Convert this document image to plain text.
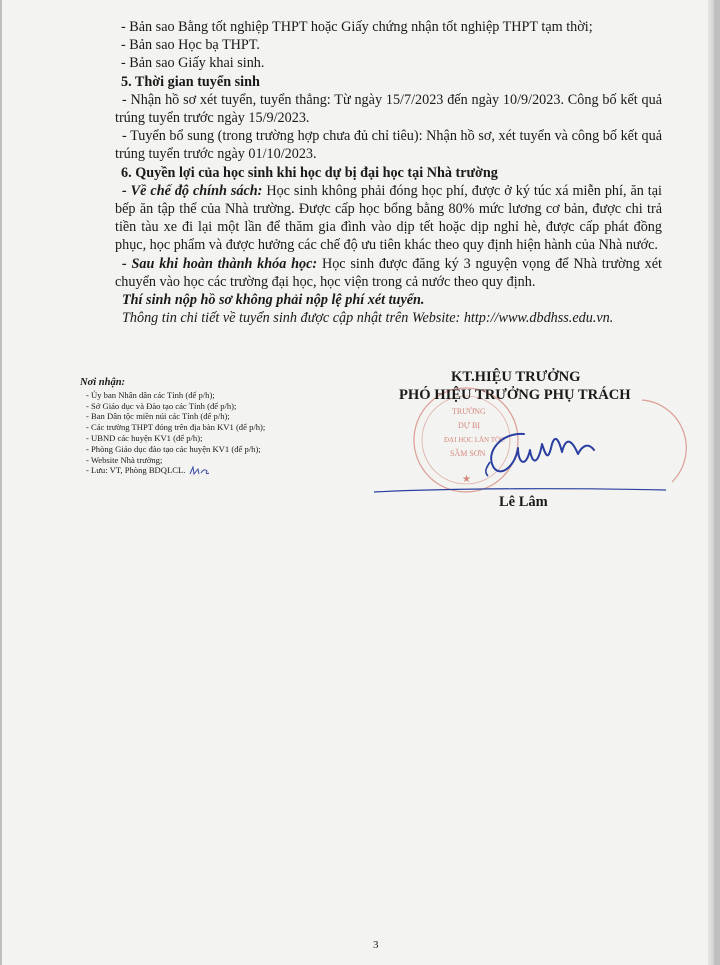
- Bản sao Bằng tốt nghiệp THPT hoặc Giấy chứng nhận tốt nghiệp THPT tạm thời;

- Bản sao Học bạ THPT.

- Bản sao Giấy khai sinh.

5. Thời gian tuyển sinh

- Nhận hồ sơ xét tuyển, tuyển thẳng: Từ ngày 15/7/2023 đến ngày 10/9/2023. Công bố kết quả trúng tuyển trước ngày 15/9/2023.

- Tuyển bổ sung (trong trường hợp chưa đủ chỉ tiêu): Nhận hồ sơ, xét tuyển và công bố kết quả trúng tuyển trước ngày 01/10/2023.

6. Quyền lợi của học sinh khi học dự bị đại học tại Nhà trường

- Về chế độ chính sách: Học sinh không phải đóng học phí, được ở ký túc xá miễn phí, ăn tại bếp ăn tập thể của Nhà trường. Được cấp học bổng bằng 80% mức lương cơ bản, được chi trả tiền tàu xe đi lại một lần để thăm gia đình vào dịp tết hoặc dịp nghỉ hè, được cấp phát đồng phục, học phẩm và được hưởng các chế độ ưu tiên khác theo quy định hiện hành của Nhà nước.

- Sau khi hoàn thành khóa học: Học sinh được đăng ký 3 nguyện vọng để Nhà trường xét chuyển vào học các trường đại học, học viện trong cả nước theo quy định.

Thí sinh nộp hồ sơ không phải nộp lệ phí xét tuyển.

Thông tin chi tiết về tuyển sinh được cập nhật trên Website: http://www.dbdhss.edu.vn.

Nơi nhận:
- Ủy ban Nhân dân các Tỉnh (để p/h);
- Sở Giáo dục và Đào tạo các Tỉnh (để p/h);
- Ban Dân tộc miền núi các Tỉnh (để p/h);
- Các trường THPT đóng trên địa bàn KV1 (để p/h);
- UBND các huyện KV1 (để p/h);
- Phòng Giáo dục đào tạo các huyện KV1 (để p/h);
- Website Nhà trường;
- Lưu: VT, Phòng BDQLCL.
TRƯỜNG
DỰ BỊ
ĐẠI HỌC LẦN TỘC
SẦM SƠN
★
KT.HIỆU TRƯỞNG
PHÓ HIỆU TRƯỞNG PHỤ TRÁCH
Lê Lâm
3
